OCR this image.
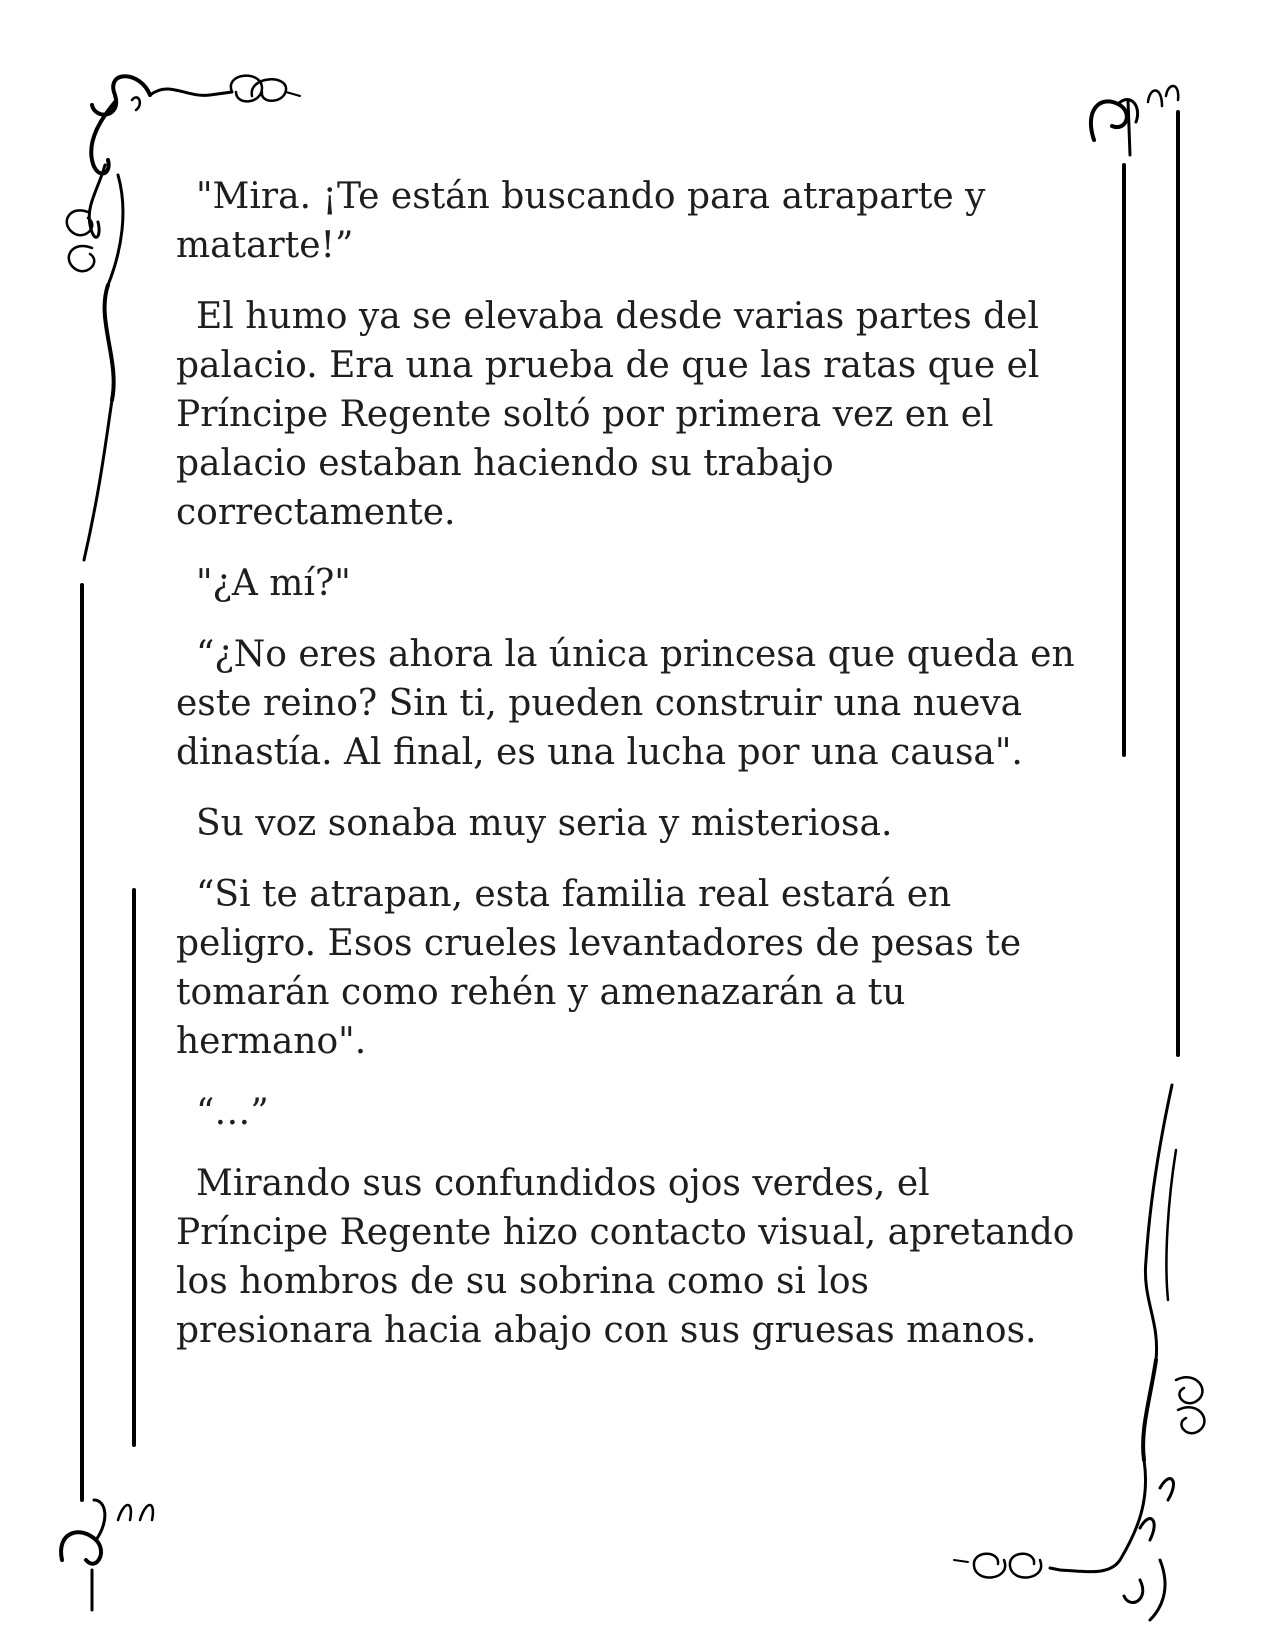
"Mira. ¡Te están buscando para atraparte y matarte!”

El humo ya se elevaba desde varias partes del palacio. Era una prueba de que las ratas que el Príncipe Regente soltó por primera vez en el palacio estaban haciendo su trabajo correctamente.

"¿A mí?"

“¿No eres ahora la única princesa que queda en este reino? Sin ti, pueden construir una nueva dinastía. Al final, es una lucha por una causa".

Su voz sonaba muy seria y misteriosa.

“Si te atrapan, esta familia real estará en peligro. Esos crueles levantadores de pesas te tomarán como rehén y amenazarán a tu hermano".

“…”

Mirando sus confundidos ojos verdes, el Príncipe Regente hizo contacto visual, apretando los hombros de su sobrina como si los presionara hacia abajo con sus gruesas manos.
